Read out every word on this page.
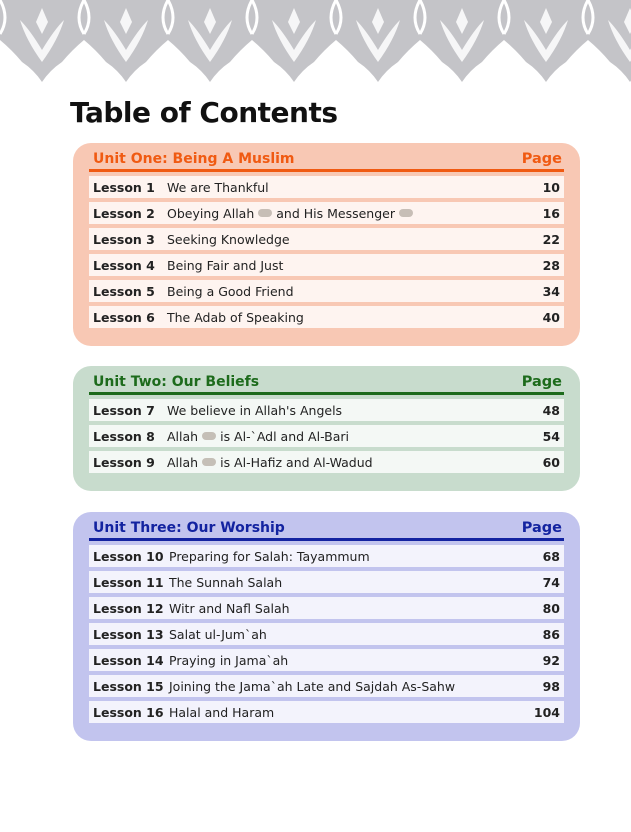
Table of Contents
Unit One: Being A Muslim	Page
Lesson 1 We are Thankful	10
Lesson 2 Obeying Allah and His Messenger	16
Lesson 3 Seeking Knowledge	22
Lesson 4 Being Fair and Just	28
Lesson 5 Being a Good Friend	34
Lesson 6 The Adab of Speaking	40
Unit Two: Our Beliefs	Page
Lesson 7 We believe in Allah's Angels	48
Lesson 8 Allah is Al-`Adl and Al-Bari	54
Lesson 9 Allah is Al-Hafiz and Al-Wadud	60
Unit Three: Our Worship	Page
Lesson 10 Preparing for Salah: Tayammum	68
Lesson 11 The Sunnah Salah	74
Lesson 12 Witr and Nafl Salah	80
Lesson 13 Salat ul-Jum`ah	86
Lesson 14 Praying in Jama`ah	92
Lesson 15 Joining the Jama`ah Late and Sajdah As-Sahw	98
Lesson 16 Halal and Haram	104
